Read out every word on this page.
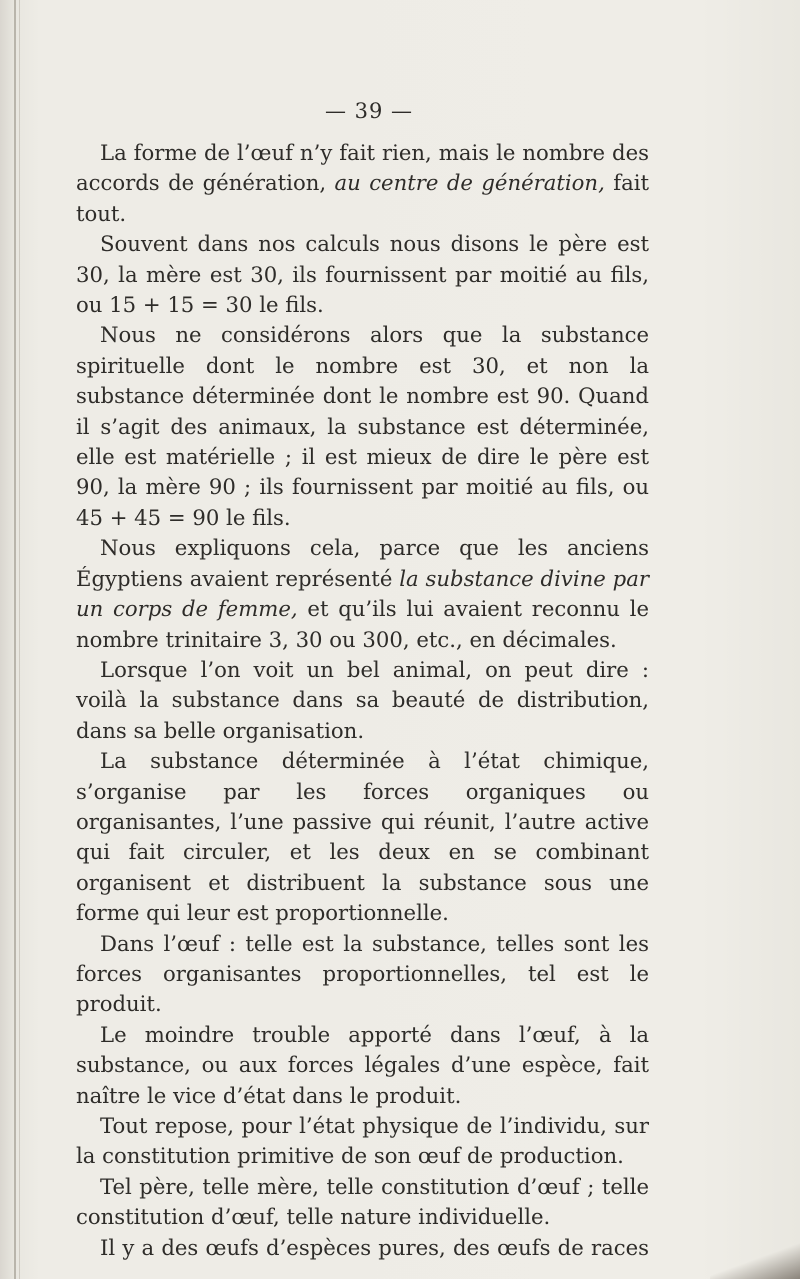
— 39 —

La forme de l’œuf n’y fait rien, mais le nombre des accords de génération, au centre de génération, fait tout.

Souvent dans nos calculs nous disons le père est 30, la mère est 30, ils fournissent par moitié au fils, ou 15 + 15 = 30 le fils.

Nous ne considérons alors que la substance spirituelle dont le nombre est 30, et non la substance déterminée dont le nombre est 90. Quand il s’agit des animaux, la substance est déterminée, elle est matérielle ; il est mieux de dire le père est 90, la mère 90 ; ils fournissent par moitié au fils, ou 45 + 45 = 90 le fils.

Nous expliquons cela, parce que les anciens Égyptiens avaient représenté la substance divine par un corps de femme, et qu’ils lui avaient reconnu le nombre trinitaire 3, 30 ou 300, etc., en décimales.

Lorsque l’on voit un bel animal, on peut dire : voilà la substance dans sa beauté de distribution, dans sa belle organisation.

La substance déterminée à l’état chimique, s’organise par les forces organiques ou organisantes, l’une passive qui réunit, l’autre active qui fait circuler, et les deux en se combinant organisent et distribuent la substance sous une forme qui leur est proportionnelle.

Dans l’œuf : telle est la substance, telles sont les forces organisantes proportionnelles, tel est le produit.

Le moindre trouble apporté dans l’œuf, à la substance, ou aux forces légales d’une espèce, fait naître le vice d’état dans le produit.

Tout repose, pour l’état physique de l’individu, sur la constitution primitive de son œuf de production.

Tel père, telle mère, telle constitution d’œuf ; telle constitution d’œuf, telle nature individuelle.

Il y a des œufs d’espèces pures, des œufs de races
